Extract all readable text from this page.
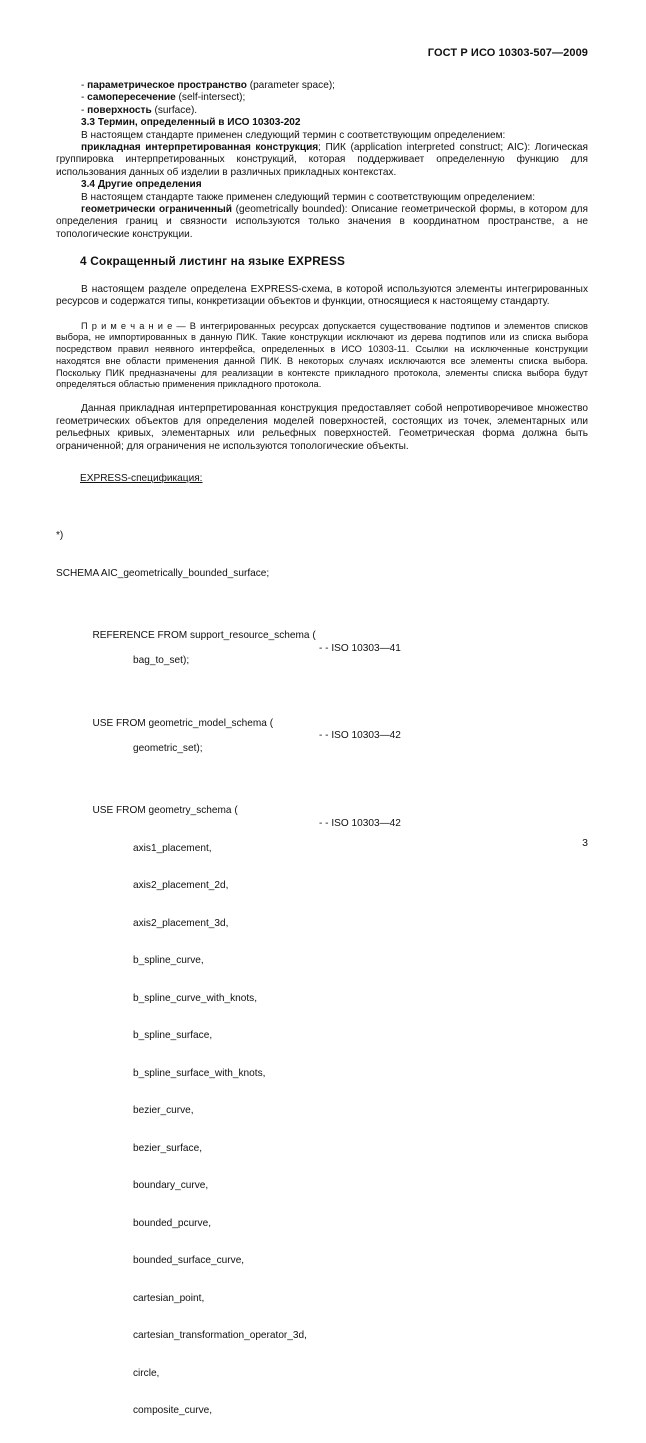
ГОСТ Р ИСО 10303-507—2009

- параметрическое пространство (parameter space);

- самопересечение (self-intersect);

- поверхность (surface).

3.3 Термин, определенный в ИСО 10303-202

В настоящем стандарте применен следующий термин с соответствующим определением:

прикладная интерпретированная конструкция; ПИК (application interpreted construct; AIC): Логическая группировка интерпретированных конструкций, которая поддерживает определенную функцию для использования данных об изделии в различных прикладных контекстах.

3.4 Другие определения

В настоящем стандарте также применен следующий термин с соответствующим определением:

геометрически ограниченный (geometrically bounded): Описание геометрической формы, в котором для определения границ и связности используются только значения в координатном пространстве, а не топологические конструкции.

4 Сокращенный листинг на языке EXPRESS

В настоящем разделе определена EXPRESS-схема, в которой используются элементы интегрированных ресурсов и содержатся типы, конкретизации объектов и функции, относящиеся к настоящему стандарту.

П р и м е ч а н и е — В интегрированных ресурсах допускается существование подтипов и элементов списков выбора, не импортированных в данную ПИК. Такие конструкции исключают из дерева подтипов или из списка выбора посредством правил неявного интерфейса, определенных в ИСО 10303-11. Ссылки на исключенные конструкции находятся вне области применения данной ПИК. В некоторых случаях исключаются все элементы списка выбора. Поскольку ПИК предназначены для реализации в контексте прикладного протокола, элементы списка выбора будут определяться областью применения прикладного протокола.

Данная прикладная интерпретированная конструкция предоставляет собой непротиворечивое множество геометрических объектов для определения моделей поверхностей, состоящих из точек, элементарных или рельефных кривых, элементарных или рельефных поверхностей. Геометрическая форма должна быть ограниченной; для ограничения не используются топологические объекты.

EXPRESS-спецификация:

*)

SCHEMA AIC_geometrically_bounded_surface;

REFERENCE FROM support_resource_schema (

- - ISO 10303—41

bag_to_set);

USE FROM geometric_model_schema (

- - ISO 10303—42

geometric_set);

USE FROM geometry_schema (

- - ISO 10303—42

axis1_placement,

axis2_placement_2d,

axis2_placement_3d,

b_spline_curve,

b_spline_curve_with_knots,

b_spline_surface,

b_spline_surface_with_knots,

bezier_curve,

bezier_surface,

boundary_curve,

bounded_pcurve,

bounded_surface_curve,

cartesian_point,

cartesian_transformation_operator_3d,

circle,

composite_curve,

3
